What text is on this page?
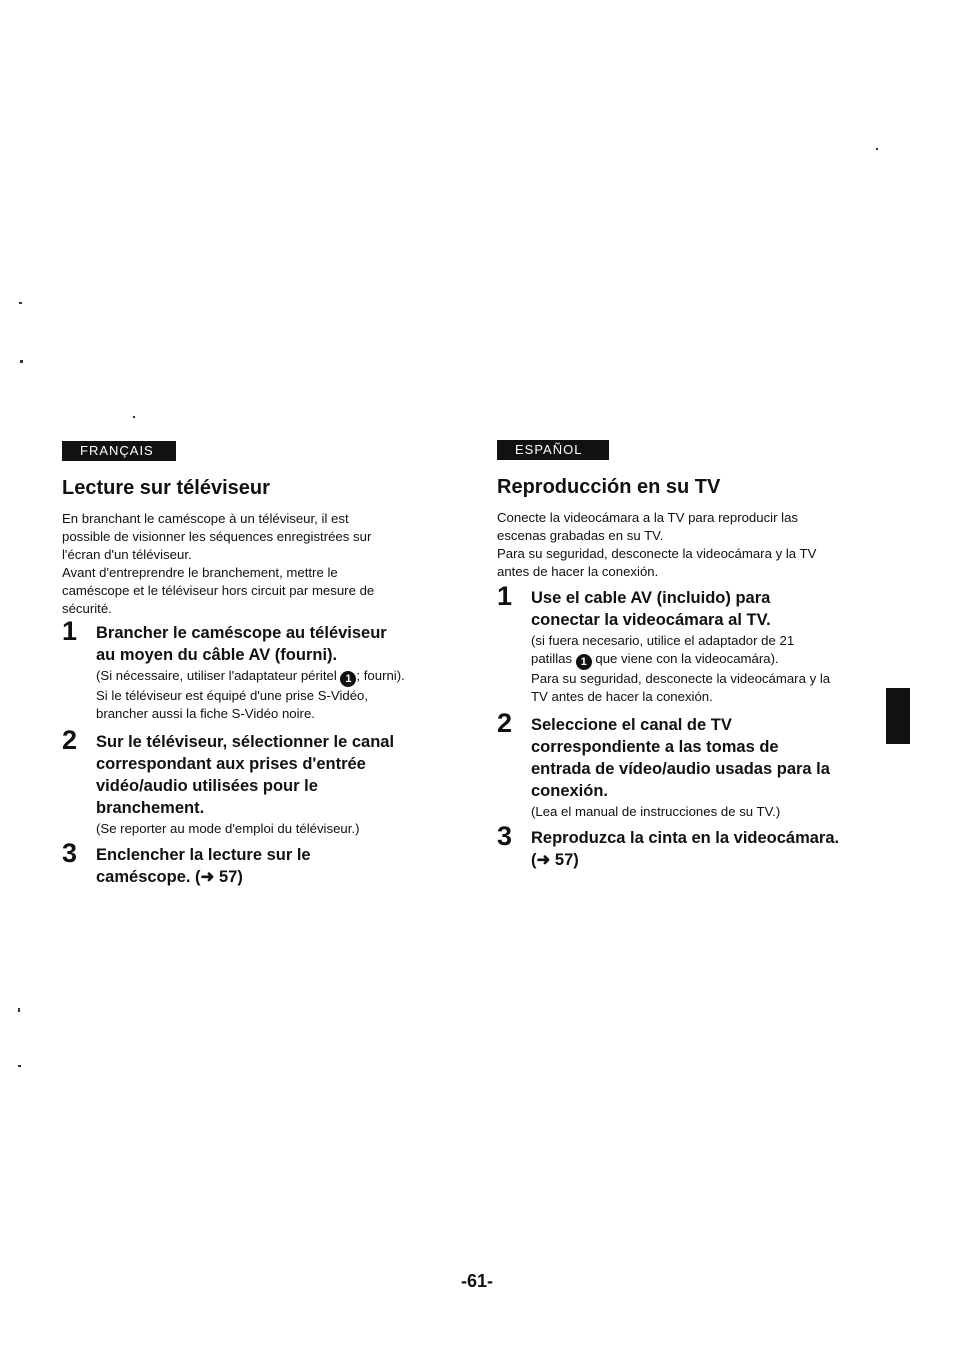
FRANÇAIS
Lecture sur téléviseur
En branchant le caméscope à un téléviseur, il est
possible de visionner les séquences enregistrées sur
l'écran d'un téléviseur.
Avant d'entreprendre le branchement, mettre le
caméscope et le téléviseur hors circuit par mesure de
sécurité.
1 Brancher le caméscope au téléviseur
au moyen du câble AV (fourni).
(Si nécessaire, utiliser l'adaptateur péritel 1 ; fourni).
Si le téléviseur est équipé d'une prise S-Vidéo,
brancher aussi la fiche S-Vidéo noire.
2 Sur le téléviseur, sélectionner le canal
correspondant aux prises d'entrée
vidéo/audio utilisées pour le
branchement.
(Se reporter au mode d'emploi du téléviseur.)
3 Enclencher la lecture sur le
caméscope. (➜ 57)
ESPAÑOL
Reproducción en su TV
Conecte la videocámara a la TV para reproducir las
escenas grabadas en su TV.
Para su seguridad, desconecte la videocámara y la TV
antes de hacer la conexión.
1 Use el cable AV (incluido) para
conectar la videocámara al TV.
(si fuera necesario, utilice el adaptador de 21
patillas 1 que viene con la videocamára).
Para su seguridad, desconecte la videocámara y la
TV antes de hacer la conexión.
2 Seleccione el canal de TV
correspondiente a las tomas de
entrada de vídeo/audio usadas para la
conexión.
(Lea el manual de instrucciones de su TV.)
3 Reproduzca la cinta en la videocámara.
(➜ 57)
-61-
